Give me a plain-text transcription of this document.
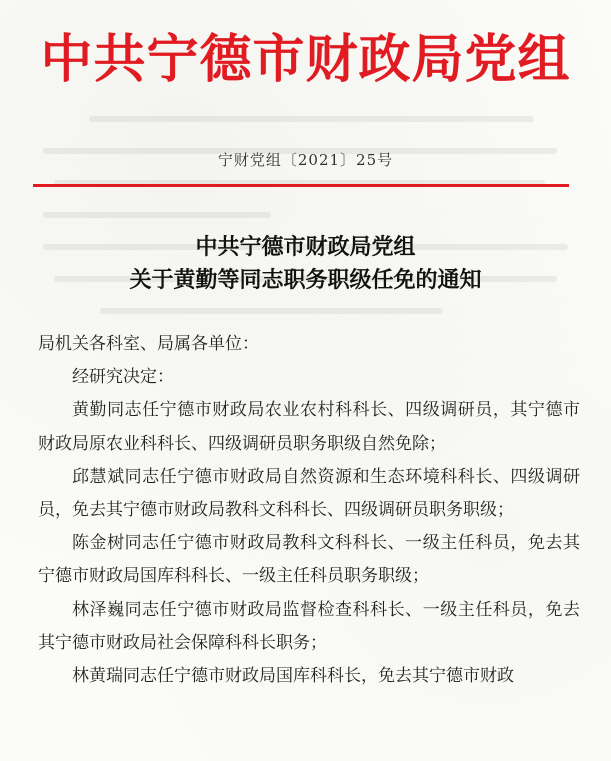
中共宁德市财政局党组
宁财党组〔2021〕25号
中共宁德市财政局党组
关于黄勤等同志职务职级任免的通知

局机关各科室、局属各单位：

经研究决定：

黄勤同志任宁德市财政局农业农村科科长、四级调研员，其宁德市财政局原农业科科长、四级调研员职务职级自然免除；

邱慧斌同志任宁德市财政局自然资源和生态环境科科长、四级调研员，免去其宁德市财政局教科文科科长、四级调研员职务职级；

陈金树同志任宁德市财政局教科文科科长、一级主任科员，免去其宁德市财政局国库科科长、一级主任科员职务职级；

林泽巍同志任宁德市财政局监督检查科科长、一级主任科员，免去其宁德市财政局社会保障科科长职务；

林黄瑞同志任宁德市财政局国库科科长，免去其宁德市财政
